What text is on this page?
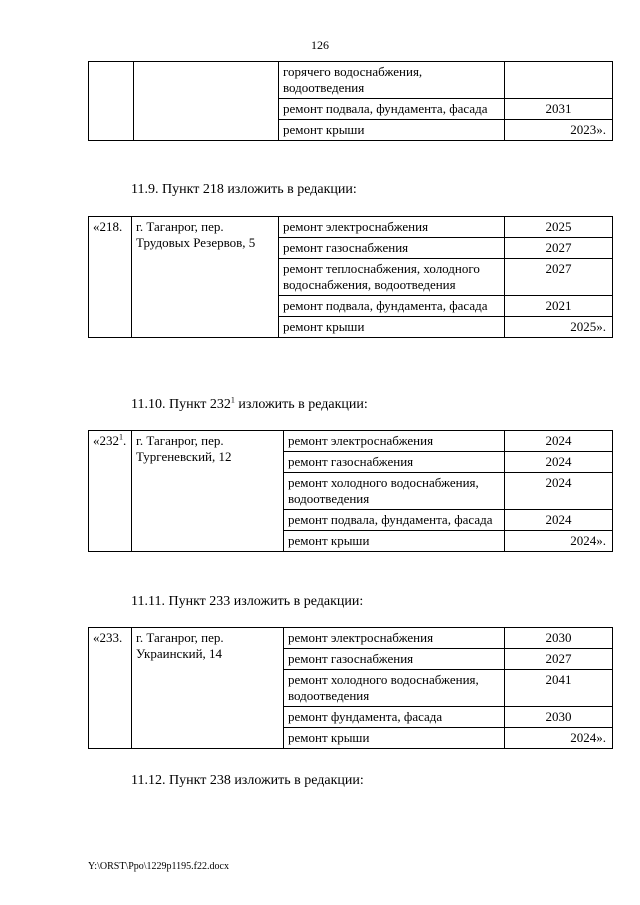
126
		горячего водоснабжения, водоотведения	
		ремонт подвала, фундамента, фасада	2031
		ремонт крыши	2023».
11.9. Пункт 218 изложить в редакции:
«218.	г. Таганрог, пер. Трудовых Резервов, 5	ремонт электроснабжения	2025
		ремонт газоснабжения	2027
		ремонт теплоснабжения, холодного водоснабжения, водоотведения	2027
		ремонт подвала, фундамента, фасада	2021
		ремонт крыши	2025».
11.10. Пункт $232^1$ изложить в редакции:
«$232^1$.	г. Таганрог, пер. Тургеневский, 12	ремонт электроснабжения	2024
		ремонт газоснабжения	2024
		ремонт холодного водоснабжения, водоотведения	2024
		ремонт подвала, фундамента, фасада	2024
		ремонт крыши	2024».
11.11. Пункт 233 изложить в редакции:
«233.	г. Таганрог, пер. Украинский, 14	ремонт электроснабжения	2030
		ремонт газоснабжения	2027
		ремонт холодного водоснабжения, водоотведения	2041
		ремонт фундамента, фасада	2030
		ремонт крыши	2024».
11.12. Пункт 238 изложить в редакции:
Y:\ORST\Ppo\1229p1195.f22.docx
